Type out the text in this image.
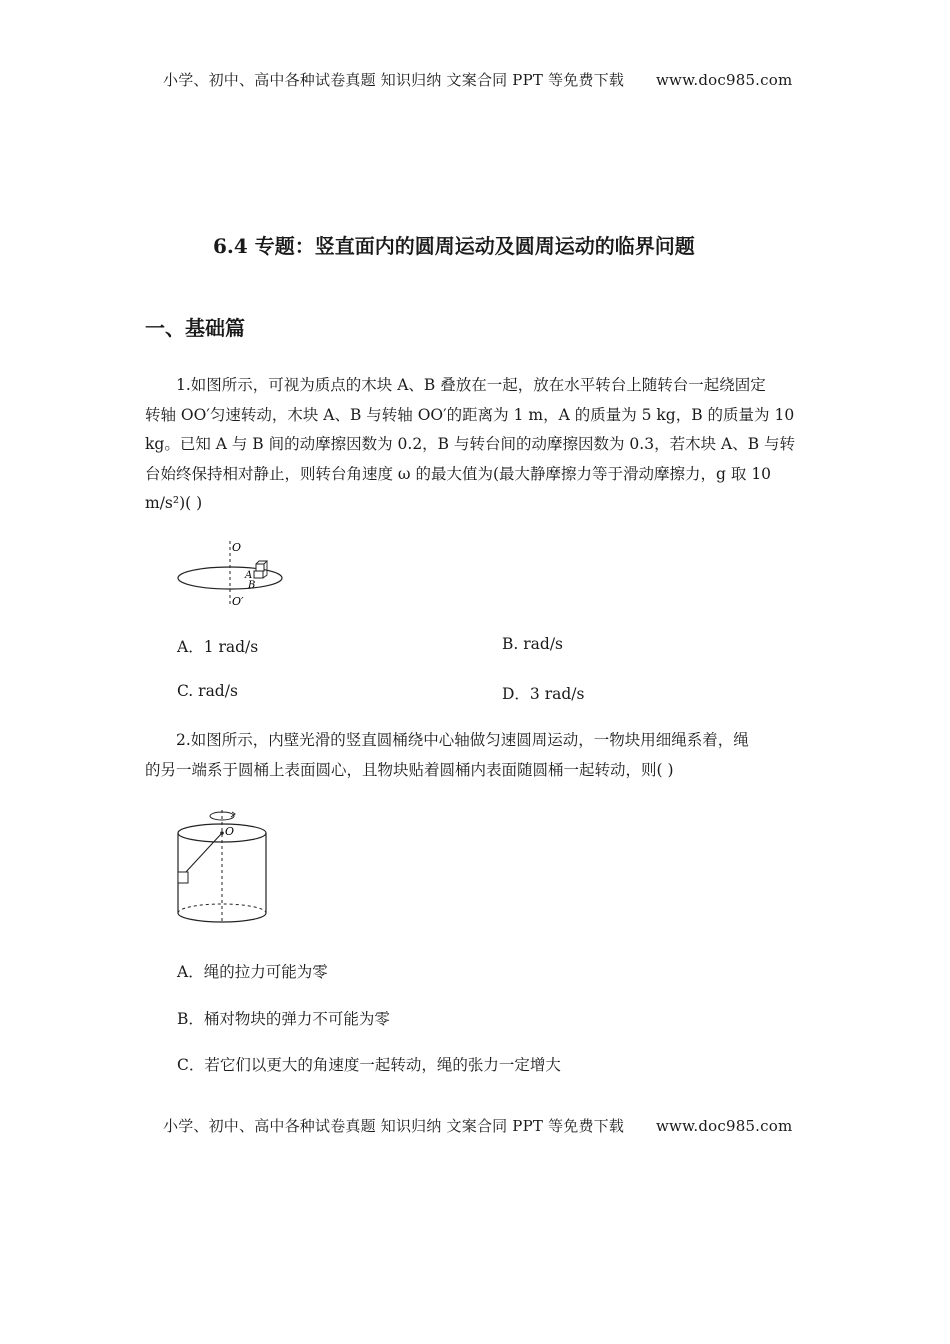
小学、初中、高中各种试卷真题 知识归纳 文案合同 PPT 等免费下载 www.doc985.com
6.4 专题：竖直面内的圆周运动及圆周运动的临界问题
一、基础篇
1.如图所示，可视为质点的木块 A、B 叠放在一起，放在水平转台上随转台一起绕固定
转轴 OO′匀速转动，木块 A、B 与转轴 OO′的距离为 1 m，A 的质量为 5 kg，B 的质量为 10
kg。已知 A 与 B 间的动摩擦因数为 0.2，B 与转台间的动摩擦因数为 0.3，若木块 A、B 与转
台始终保持相对静止，则转台角速度 ω 的最大值为(最大静摩擦力等于滑动摩擦力，g 取 10
m/s²)( )
O
A
B
O′
A．1 rad/s	B. rad/s
C. rad/s	D．3 rad/s
2.如图所示，内壁光滑的竖直圆桶绕中心轴做匀速圆周运动，一物块用细绳系着，绳
的另一端系于圆桶上表面圆心，且物块贴着圆桶内表面随圆桶一起转动，则( )
O
A．绳的拉力可能为零
B．桶对物块的弹力不可能为零
C．若它们以更大的角速度一起转动，绳的张力一定增大
小学、初中、高中各种试卷真题 知识归纳 文案合同 PPT 等免费下载 www.doc985.com
